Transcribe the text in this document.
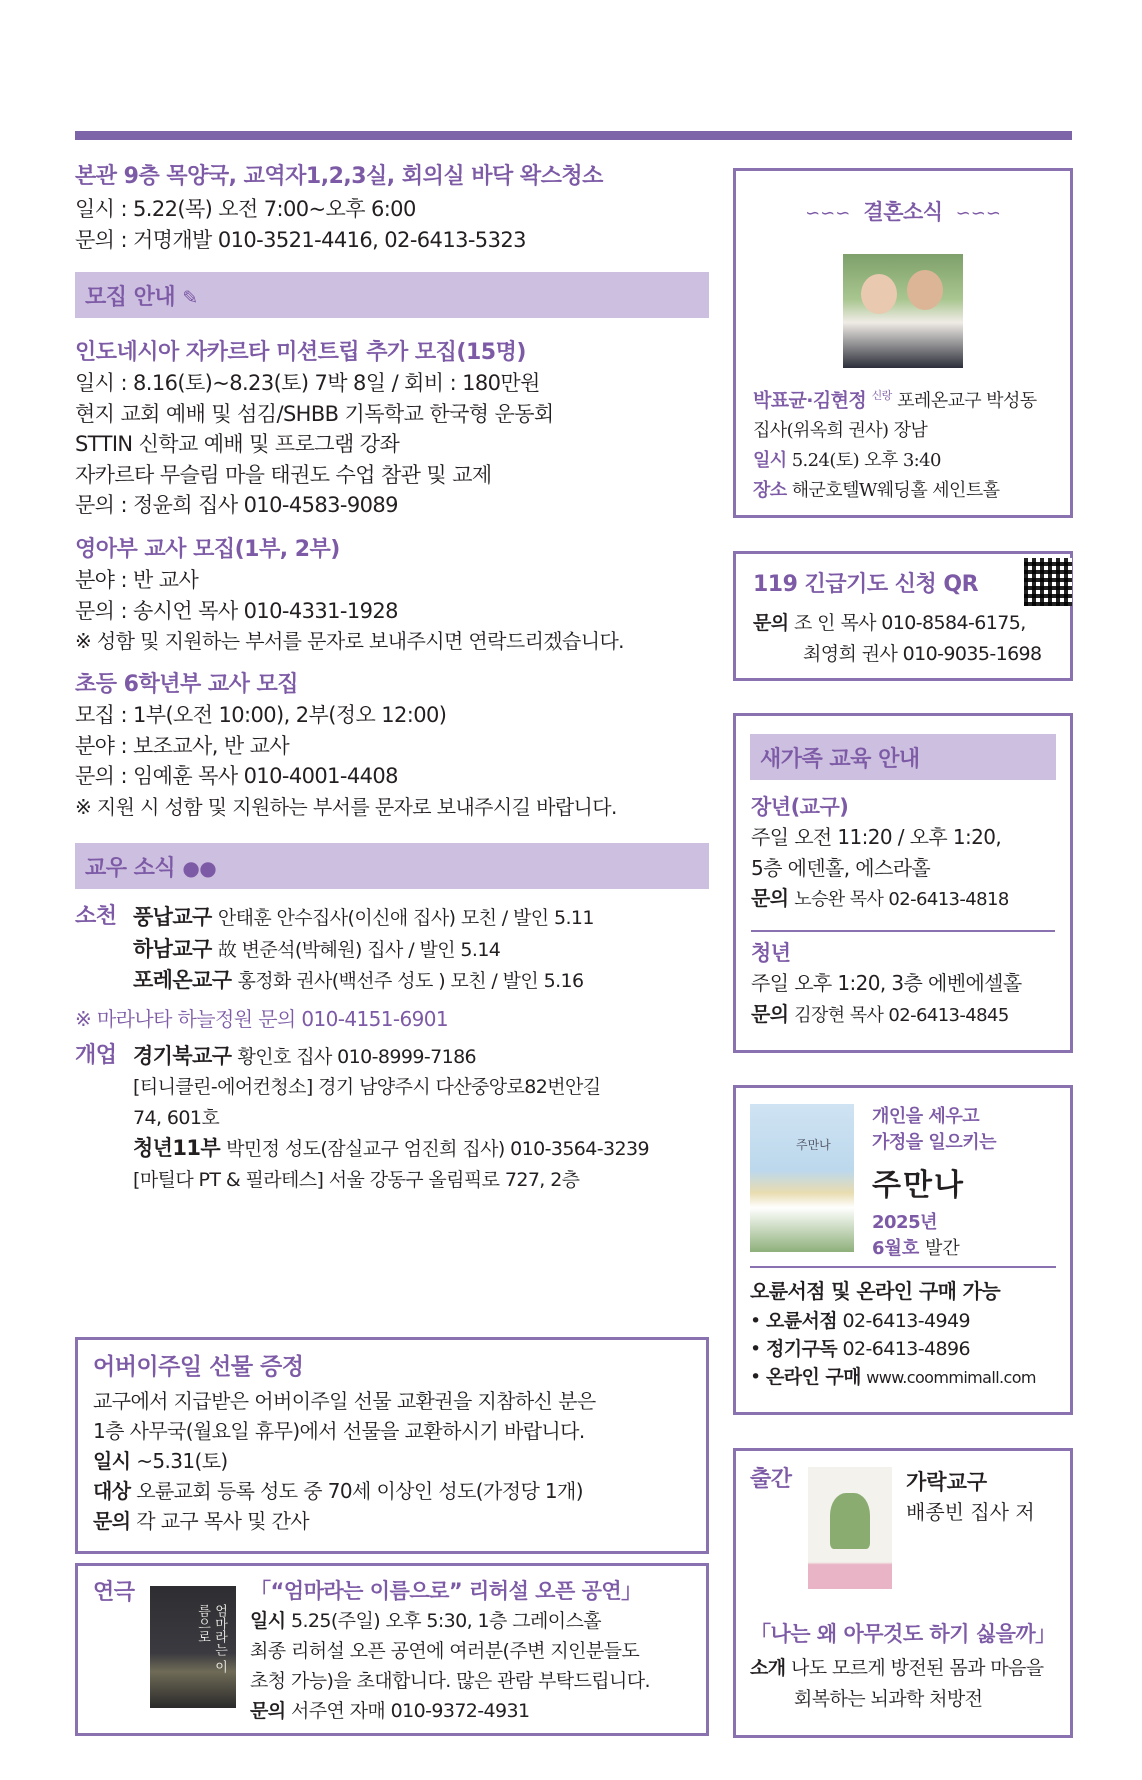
본관 9층 목양국, 교역자1,2,3실, 회의실 바닥 왁스청소
일시 : 5.22(목) 오전 7:00~오후 6:00
문의 : 거명개발 010-3521-4416, 02-6413-5323
모집 안내 ✎
인도네시아 자카르타 미션트립 추가 모집(15명)
일시 : 8.16(토)~8.23(토) 7박 8일 / 회비 : 180만원
현지 교회 예배 및 섬김/SHBB 기독학교 한국형 운동회
STTIN 신학교 예배 및 프로그램 강좌
자카르타 무슬림 마을 태권도 수업 참관 및 교제
문의 : 정윤희 집사 010-4583-9089
영아부 교사 모집(1부, 2부)
분야 : 반 교사
문의 : 송시언 목사 010-4331-1928
※ 성함 및 지원하는 부서를 문자로 보내주시면 연락드리겠습니다.
초등 6학년부 교사 모집
모집 : 1부(오전 10:00), 2부(정오 12:00)
분야 : 보조교사, 반 교사
문의 : 임예훈 목사 010-4001-4408
※ 지원 시 성함 및 지원하는 부서를 문자로 보내주시길 바랍니다.
교우 소식 ●●
소천 풍납교구 안태훈 안수집사(이신애 집사) 모친 / 발인 5.11
하남교구 故 변준석(박혜원) 집사 / 발인 5.14
포레온교구 홍정화 권사(백선주 성도 ) 모친 / 발인 5.16
※ 마라나타 하늘정원 문의 010-4151-6901
개업 경기북교구 황인호 집사 010-8999-7186
[티니클린-에어컨청소] 경기 남양주시 다산중앙로82번안길
74, 601호
청년11부 박민정 성도(잠실교구 엄진희 집사) 010-3564-3239
[마틸다 PT & 필라테스] 서울 강동구 올림픽로 727, 2층
어버이주일 선물 증정
교구에서 지급받은 어버이주일 선물 교환권을 지참하신 분은
1층 사무국(월요일 휴무)에서 선물을 교환하시기 바랍니다.
일시 ~5.31(토)
대상 오륜교회 등록 성도 중 70세 이상인 성도(가정당 1개)
문의 각 교구 목사 및 간사
연극
엄마라는 이름으로
「“엄마라는 이름으로” 리허설 오픈 공연」
일시 5.25(주일) 오후 5:30, 1층 그레이스홀
최종 리허설 오픈 공연에 여러분(주변 지인분들도
초청 가능)을 초대합니다. 많은 관람 부탁드립니다.
문의 서주연 자매 010-9372-4931
∽∽∽ 결혼소식 ∽∽∽
박표균·김현정 $^{신랑}$ 포레온교구 박성동
집사(위옥희 권사) 장남
일시 5.24(토) 오후 3:40
장소 해군호텔W웨딩홀 세인트홀
119 긴급기도 신청 QR
문의 조 인 목사 010-8584-6175,
최영희 권사 010-9035-1698
새가족 교육 안내
장년(교구)
주일 오전 11:20 / 오후 1:20,
5층 에덴홀, 에스라홀
문의 노승완 목사 02-6413-4818
청년
주일 오후 1:20, 3층 에벤에셀홀
문의 김장현 목사 02-6413-4845
주만나
개인을 세우고
가정을 일으키는
주만나
2025년
6월호 발간
오륜서점 및 온라인 구매 가능
• 오륜서점 02-6413-4949
• 정기구독 02-6413-4896
• 온라인 구매 www.coommimall.com
출간	가락교구
배종빈 집사 저
「나는 왜 아무것도 하기 싫을까」
소개 나도 모르게 방전된 몸과 마음을
회복하는 뇌과학 처방전
